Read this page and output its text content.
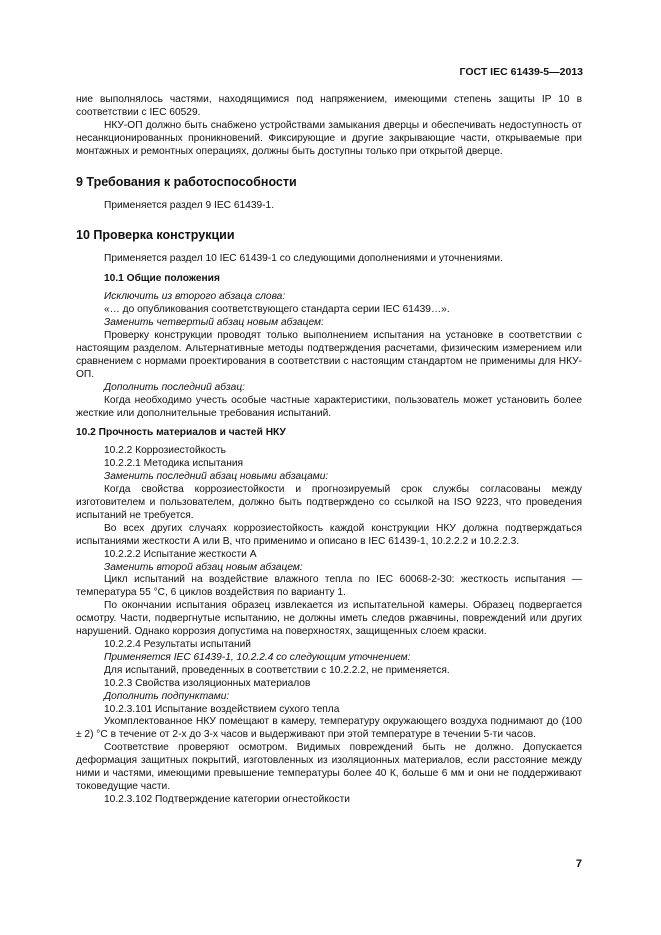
ГОСТ IEC 61439-5—2013

ние выполнялось частями, находящимися под напряжением, имеющими степень защиты IP 10 в соответствии с IEC 60529.

НКУ-ОП должно быть снабжено устройствами замыкания дверцы и обеспечивать недоступность от несанкционированных проникновений. Фиксирующие и другие закрывающие части, открываемые при монтажных и ремонтных операциях, должны быть доступны только при открытой дверце.

9 Требования к работоспособности

Применяется раздел 9 IEC 61439-1.

10 Проверка конструкции

Применяется раздел 10 IEC 61439-1 со следующими дополнениями и уточнениями.

10.1 Общие положения

Исключить из второго абзаца слова:

«… до опубликования соответствующего стандарта серии IEC 61439…».

Заменить четвертый абзац новым абзацем:

Проверку конструкции проводят только выполнением испытания на установке в соответствии с настоящим разделом. Альтернативные методы подтверждения расчетами, физическим измерением или сравнением с нормами проектирования в соответствии с настоящим стандартом не применимы для НКУ-ОП.

Дополнить последний абзац:

Когда необходимо учесть особые частные характеристики, пользователь может установить более жесткие или дополнительные требования испытаний.

10.2 Прочность материалов и частей НКУ

10.2.2 Коррозиестойкость

10.2.2.1 Методика испытания

Заменить последний абзац новыми абзацами:

Когда свойства коррозиестойкости и прогнозируемый срок службы согласованы между изготовителем и пользователем, должно быть подтверждено со ссылкой на ISO 9223, что проведения испытаний не требуется.

Во всех других случаях коррозиестойкость каждой конструкции НКУ должна подтверждаться испытаниями жесткости А или В, что применимо и описано в IEC 61439-1, 10.2.2.2 и 10.2.2.3.

10.2.2.2 Испытание жесткости А

Заменить второй абзац новым абзацем:

Цикл испытаний на воздействие влажного тепла по IEC 60068-2-30: жесткость испытания — температура 55 °С, 6 циклов воздействия по варианту 1.

По окончании испытания образец извлекается из испытательной камеры. Образец подвергается осмотру. Части, подвергнутые испытанию, не должны иметь следов ржавчины, повреждений или других нарушений. Однако коррозия допустима на поверхностях, защищенных слоем краски.

10.2.2.4 Результаты испытаний

Применяется IEC 61439-1, 10.2.2.4 со следующим уточнением:

Для испытаний, проведенных в соответствии с 10.2.2.2, не применяется.

10.2.3 Свойства изоляционных материалов

Дополнить подпунктами:

10.2.3.101 Испытание воздействием сухого тепла

Укомплектованное НКУ помещают в камеру, температуру окружающего воздуха поднимают до (100 ± 2) °С в течение от 2-х до 3-х часов и выдерживают при этой температуре в течении 5-ти часов.

Соответствие проверяют осмотром. Видимых повреждений быть не должно. Допускается деформация защитных покрытий, изготовленных из изоляционных материалов, если расстояние между ними и частями, имеющими превышение температуры более 40 К, больше 6 мм и они не поддерживают токоведущие части.

10.2.3.102 Подтверждение категории огнестойкости

7
